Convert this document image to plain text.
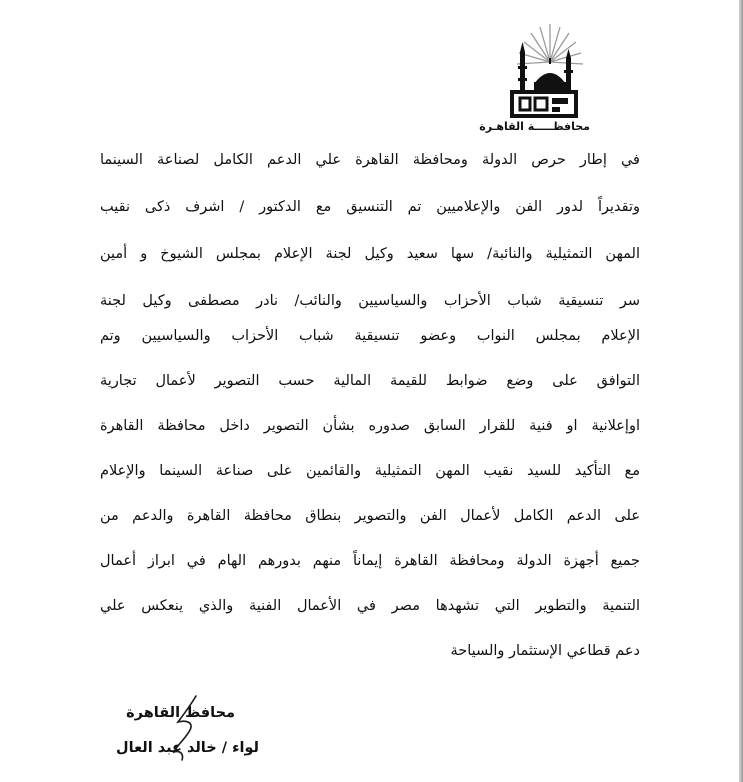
محافظـــــة القاهـرة
في إطار حرص الدولة ومحافظة القاهرة علي الدعم الكامل لصناعة السينما
وتقديراً لدور الفن والإعلاميين تم التنسيق مع الدكتور / اشرف ذكى نقيب
المهن التمثيلية والنائبة/ سها سعيد وكيل لجنة الإعلام بمجلس الشيوخ و أمين
سر تنسيقية شباب الأحزاب والسياسيين والنائب/ نادر مصطفى وكيل لجنة
الإعلام بمجلس النواب وعضو تنسيقية شباب الأحزاب والسياسيين وتم
التوافق على وضع ضوابط للقيمة المالية حسب التصوير لأعمال تجارية
اوإعلانية او فنية للقرار السابق صدوره بشأن التصوير داخل محافظة القاهرة
مع التأكيد للسيد نقيب المهن التمثيلية والقائمين على صناعة السينما والإعلام
على الدعم الكامل لأعمال الفن والتصوير بنطاق محافظة القاهرة والدعم من
جميع أجهزة الدولة ومحافظة القاهرة إيماناً منهم بدورهم الهام في ابراز أعمال
التنمية والتطوير التي تشهدها مصر في الأعمال الفنية والذي ينعكس علي
دعم قطاعي الإستثمار والسياحة
محافظ القاهرة
لواء / خالد عبد العال
